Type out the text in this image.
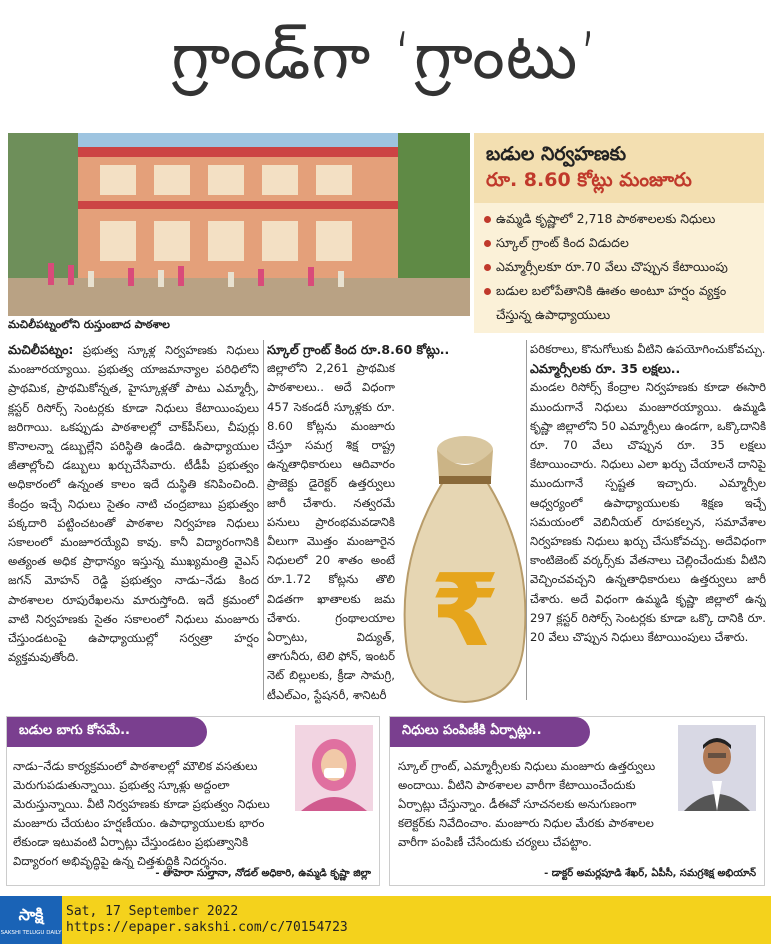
గ్రాండ్‌గా ‘గ్రాంటు’
మచిలీపట్నంలోని రుస్తుంబాద పాఠశాల
బడుల నిర్వహణకు
రూ. 8.60 కోట్లు మంజూరు
ఉమ్మడి కృష్ణాలో 2,718 పాఠశాలలకు నిధులు
స్కూల్ గ్రాంట్ కింద విడుదల
ఎమ్మార్సీలకూ రూ.70 వేలు చొప్పున కేటాయింపు
బడుల బలోపేతానికి ఊతం అంటూ హర్షం వ్యక్తం చేస్తున్న ఉపాధ్యాయులు

మచిలీపట్నం: ప్రభుత్వ స్కూళ్ల నిర్వహణకు నిధులు మంజూరయ్యాయి. ప్రభుత్వ యాజమాన్యాల పరిధిలోని ప్రాథమిక, ప్రాథమికోన్నత, హైస్కూళ్లతో పాటు ఎమ్మార్సీ, క్లస్టర్ రిసోర్స్ సెంటర్లకు కూడా నిధులు కేటాయింపులు జరిగాయి. ఒకప్పుడు పాఠశాలల్లో చాక్‌పీస్‌లు, చీపుర్లు కొనాలన్నా డబ్బుల్లేని పరిస్థితి ఉండేది. ఉపాధ్యాయుల జీతాల్లోంచి డబ్బులు ఖర్చుచేసేవారు. టీడీపీ ప్రభుత్వం అధికారంలో ఉన్నంత కాలం ఇదే దుస్థితి కనిపించింది. కేంద్రం ఇచ్చే నిధులు సైతం నాటి చంద్రబాబు ప్రభుత్వం పక్కదారి పట్టించటంతో పాఠశాల నిర్వహణ నిధులు సకాలంలో మంజూరయ్యేవి కావు. కానీ విద్యారంగానికి అత్యంత అధిక ప్రాధాన్యం ఇస్తున్న ముఖ్యమంత్రి వైఎస్ జగన్ మోహన్ రెడ్డి ప్రభుత్వం నాడు–నేడు కింద పాఠశాలల రూపురేఖలను మారుస్తోంది. ఇదే క్రమంలో వాటి నిర్వహణకు సైతం సకాలంలో నిధులు మంజూరు చేస్తుండటంపై ఉపాధ్యాయుల్లో సర్వత్రా హర్షం వ్యక్తమవుతోంది.

స్కూల్ గ్రాంట్ కింద రూ.8.60 కోట్లు..

జిల్లాలోని 2,261 ప్రాథమిక పాఠశాలలు.. అదే విధంగా 457 సెకండరీ స్కూళ్లకు రూ. 8.60 కోట్లను మంజూరు చేస్తూ సమగ్ర శిక్ష రాష్ట్ర ఉన్నతాధికారులు ఆదివారం ప్రాజెక్టు డైరెక్టర్ ఉత్తర్వులు జారీ చేశారు. నత్వరమే పనులు ప్రారంభమవడానికి వీలుగా మొత్తం మంజూరైన నిధులలో 20 శాతం అంటే రూ.1.72 కోట్లను తొలి విడతగా ఖాతాలకు జమ చేశారు. గ్రంథాలయాల ఏర్పాటు, విద్యుత్, తాగునీరు, టెలి ఫోన్, ఇంటర్ నెట్ బిల్లులకు, క్రీడా సామగ్రి, టీఎల్ఎం, స్టేషనరీ, శానిటరీ

₹

పరికరాలు, కొనుగోలుకు వీటిని ఉపయోగించుకోవచ్చు.

ఎమ్మార్సీలకు రూ. 35 లక్షలు..

మండల రిసోర్స్ కేంద్రాల నిర్వహణకు కూడా ఈసారి ముందుగానే నిధులు మంజూరయ్యాయి. ఉమ్మడి కృష్ణా జిల్లాలోని 50 ఎమ్మార్సీలు ఉండగా, ఒక్కొదానికి రూ. 70 వేలు చొప్పున రూ. 35 లక్షలు కేటాయించారు. నిధులు ఎలా ఖర్చు చేయాలనే దానిపై ముందుగానే స్పష్టత ఇచ్చారు. ఎమ్మార్సీల ఆధ్వర్యంలో ఉపాధ్యాయులకు శిక్షణ ఇచ్చే సమయంలో వెబినీయల్ రూపకల్పన, సమావేశాల నిర్వహణకు నిధులు ఖర్చు చేసుకోవచ్చు. అదేవిధంగా కాంటిజెంట్ వర్కర్స్‌కు వేతనాలు చెల్లించేందుకు వీటిని వెచ్చించవచ్చని ఉన్నతాధికారులు ఉత్తర్వులు జారీ చేశారు. అదే విధంగా ఉమ్మడి కృష్ణా జిల్లాలో ఉన్న 297 క్లస్టర్ రిసోర్స్ సెంటర్లకు కూడా ఒక్కొ దానికి రూ. 20 వేలు చొప్పున నిధులు కేటాయింపులు చేశారు.

బడుల బాగు కోసమే..

నాడు–నేడు కార్యక్రమంలో పాఠశాలల్లో మౌలిక వసతులు మెరుగుపడుతున్నాయి. ప్రభుత్వ స్కూళ్లు అద్దంలా మెరుస్తున్నాయి. వీటి నిర్వహణకు కూడా ప్రభుత్వం నిధులు మంజూరు చేయటం హర్షణీయం. ఉపాధ్యాయులకు భారం లేకుండా ఇటువంటి ఏర్పాట్లు చేస్తుండటం ప్రభుత్వానికి విద్యారంగ అభివృద్ధిపై ఉన్న చిత్తశుద్ధికి నిదర్శనం.

- తాహెరా సుల్తానా, నోడల్ అధికారి, ఉమ్మడి కృష్ణా జిల్లా
నిధులు పంపిణీకి ఏర్పాట్లు..

స్కూల్ గ్రాంట్, ఎమ్మార్సీలకు నిధులు మంజూరు ఉత్తర్వులు అందాయి. వీటిని పాఠశాలల వారీగా కేటాయించేందుకు ఏర్పాట్లు చేస్తున్నాం. డీఈవో సూచనలకు అనుగుణంగా కలెక్టర్‌కు నివేదించాం. మంజూరు నిధుల మేరకు పాఠశాలల వారీగా పంపిణీ చేసేందుకు చర్యలు చేపట్టాం.

- డాక్టర్ అమర్లపూడి శేఖర్, ఏపీసీ, సమగ్రశిక్ష అభియాన్
సాక్షి
SAKSHI TELUGU DAILY
Sat, 17 September 2022
https://epaper.sakshi.com/c/70154723
